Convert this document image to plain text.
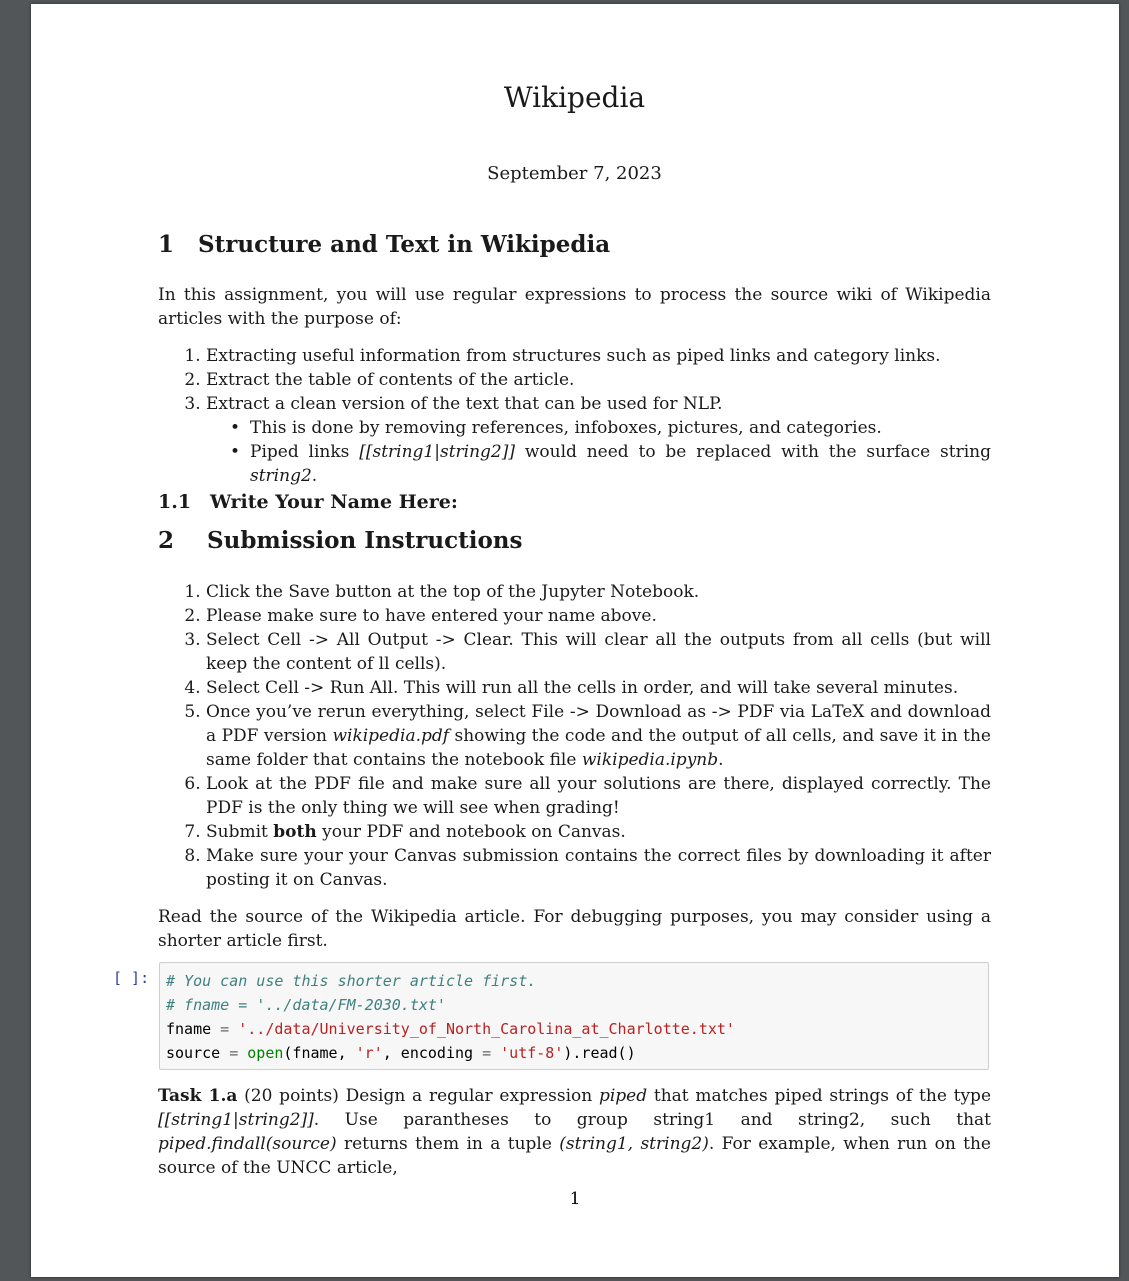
Wikipedia
September 7, 2023
1 Structure and Text in Wikipedia
In this assignment, you will use regular expressions to process the source wiki of Wikipedia articles with the purpose of:
1. Extracting useful information from structures such as piped links and category links.
2. Extract the table of contents of the article.
3. Extract a clean version of the text that can be used for NLP.
• This is done by removing references, infoboxes, pictures, and categories.
• Piped links [[string1|string2]] would need to be replaced with the surface string string2.
1.1 Write Your Name Here:
2 Submission Instructions
1. Click the Save button at the top of the Jupyter Notebook.
2. Please make sure to have entered your name above.
3. Select Cell -> All Output -> Clear. This will clear all the outputs from all cells (but will keep the content of ll cells).
4. Select Cell -> Run All. This will run all the cells in order, and will take several minutes.
5. Once you’ve rerun everything, select File -> Download as -> PDF via LaTeX and download a PDF version wikipedia.pdf showing the code and the output of all cells, and save it in the same folder that contains the notebook file wikipedia.ipynb.
6. Look at the PDF file and make sure all your solutions are there, displayed correctly. The PDF is the only thing we will see when grading!
7. Submit both your PDF and notebook on Canvas.
8. Make sure your your Canvas submission contains the correct files by downloading it after posting it on Canvas.
Read the source of the Wikipedia article. For debugging purposes, you may consider using a shorter article first.
Task 1.a (20 points) Design a regular expression piped that matches piped strings of the type [[string1|string2]]. Use parantheses to group string1 and string2, such that piped.findall(source) returns them in a tuple (string1, string2). For example, when run on the source of the UNCC article,
[ ]:	# You can use this shorter article first.
# fname = '../data/FM-2030.txt'
fname = '../data/University_of_North_Carolina_at_Charlotte.txt'
source = open(fname, 'r', encoding = 'utf-8').read()
1
